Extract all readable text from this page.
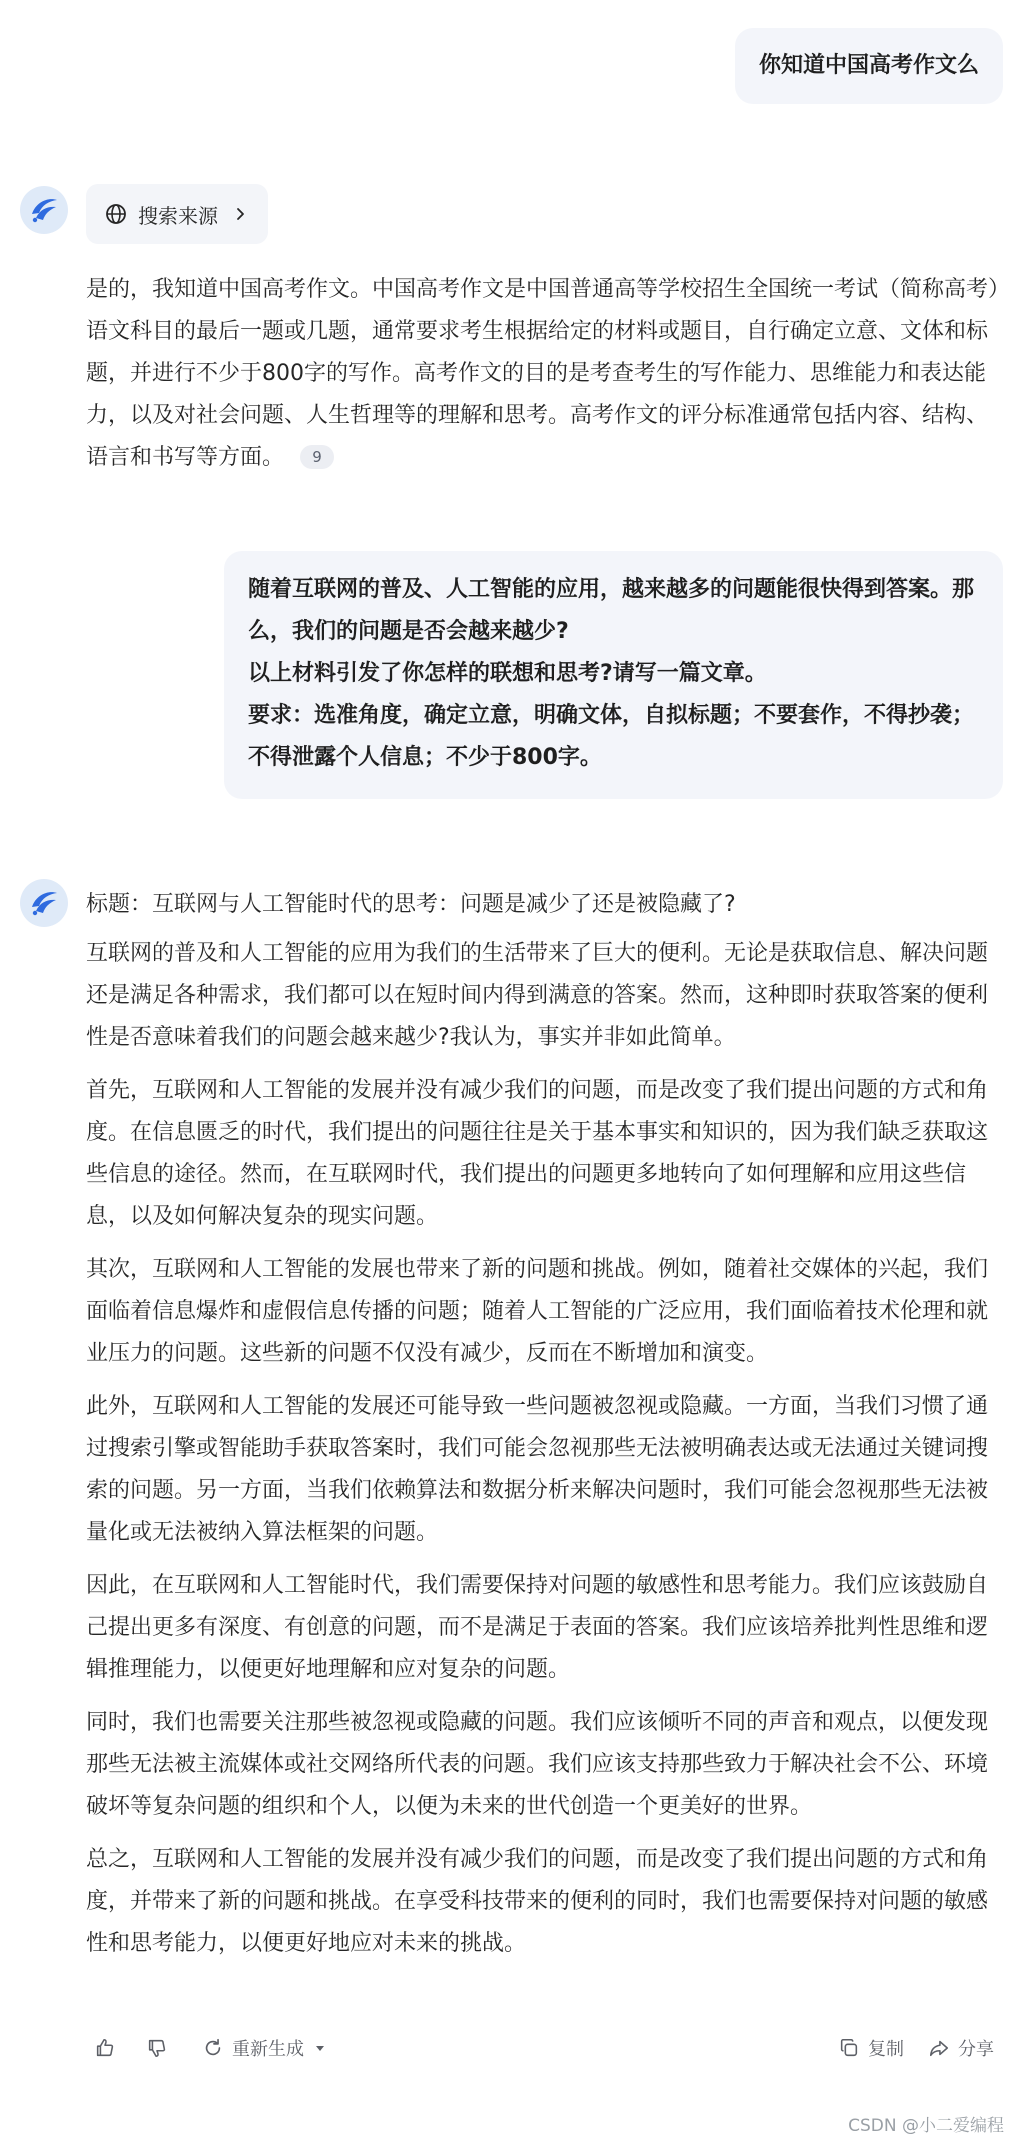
你知道中国高考作文么
搜索来源
是的，我知道中国高考作文。中国高考作文是中国普通高等学校招生全国统一考试（简称高考）语文科目的最后一题或几题，通常要求考生根据给定的材料或题目，自行确定立意、文体和标题，并进行不少于800字的写作。高考作文的目的是考查考生的写作能力、思维能力和表达能力，以及对社会问题、人生哲理等的理解和思考。高考作文的评分标准通常包括内容、结构、语言和书写等方面。 9

随着互联网的普及、人工智能的应用，越来越多的问题能很快得到答案。那么，我们的问题是否会越来越少?

以上材料引发了你怎样的联想和思考?请写一篇文章。

要求：选准角度，确定立意，明确文体，自拟标题；不要套作，不得抄袭；不得泄露个人信息；不少于800字。

标题：互联网与人工智能时代的思考：问题是减少了还是被隐藏了?

互联网的普及和人工智能的应用为我们的生活带来了巨大的便利。无论是获取信息、解决问题还是满足各种需求，我们都可以在短时间内得到满意的答案。然而，这种即时获取答案的便利性是否意味着我们的问题会越来越少?我认为，事实并非如此简单。

首先，互联网和人工智能的发展并没有减少我们的问题，而是改变了我们提出问题的方式和角度。在信息匮乏的时代，我们提出的问题往往是关于基本事实和知识的，因为我们缺乏获取这些信息的途径。然而，在互联网时代，我们提出的问题更多地转向了如何理解和应用这些信息，以及如何解决复杂的现实问题。

其次，互联网和人工智能的发展也带来了新的问题和挑战。例如，随着社交媒体的兴起，我们面临着信息爆炸和虚假信息传播的问题；随着人工智能的广泛应用，我们面临着技术伦理和就业压力的问题。这些新的问题不仅没有减少，反而在不断增加和演变。

此外，互联网和人工智能的发展还可能导致一些问题被忽视或隐藏。一方面，当我们习惯了通过搜索引擎或智能助手获取答案时，我们可能会忽视那些无法被明确表达或无法通过关键词搜索的问题。另一方面，当我们依赖算法和数据分析来解决问题时，我们可能会忽视那些无法被量化或无法被纳入算法框架的问题。

因此，在互联网和人工智能时代，我们需要保持对问题的敏感性和思考能力。我们应该鼓励自己提出更多有深度、有创意的问题，而不是满足于表面的答案。我们应该培养批判性思维和逻辑推理能力，以便更好地理解和应对复杂的问题。

同时，我们也需要关注那些被忽视或隐藏的问题。我们应该倾听不同的声音和观点，以便发现那些无法被主流媒体或社交网络所代表的问题。我们应该支持那些致力于解决社会不公、环境破坏等复杂问题的组织和个人，以便为未来的世代创造一个更美好的世界。

总之，互联网和人工智能的发展并没有减少我们的问题，而是改变了我们提出问题的方式和角度，并带来了新的问题和挑战。在享受科技带来的便利的同时，我们也需要保持对问题的敏感性和思考能力，以便更好地应对未来的挑战。

重新生成	复制	分享
CSDN @小二爱编程
